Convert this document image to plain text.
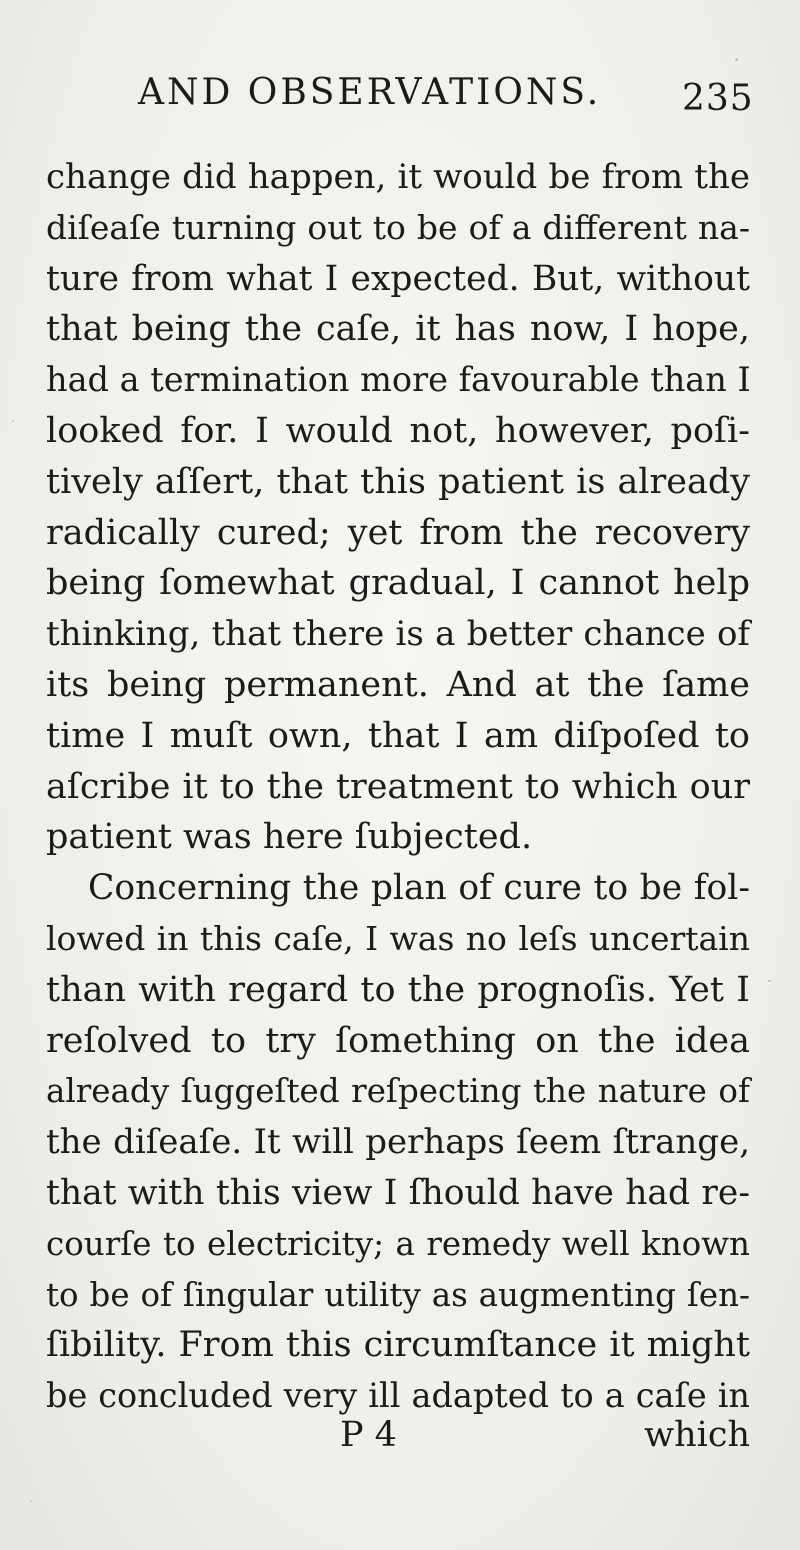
AND OBSERVATIONS. 235
change did happen, it would be from the
diſeaſe turning out to be of a different na-
ture from what I expected. But, without
that being the caſe, it has now, I hope,
had a termination more favourable than I
looked for. I would not, however, poſi-
tively aſſert, that this patient is already
radically cured; yet from the recovery
being ſomewhat gradual, I cannot help
thinking, that there is a better chance of
its being permanent. And at the ſame
time I muſt own, that I am diſpoſed to
aſcribe it to the treatment to which our
patient was here ſubjected.
Concerning the plan of cure to be fol-
lowed in this caſe, I was no leſs uncertain
than with regard to the prognoſis. Yet I
reſolved to try ſomething on the idea
already ſuggeſted reſpecting the nature of
the diſeaſe. It will perhaps ſeem ſtrange,
that with this view I ſhould have had re-
courſe to electricity; a remedy well known
to be of ſingular utility as augmenting ſen-
ſibility. From this circumſtance it might
be concluded very ill adapted to a caſe in
P 4	which
